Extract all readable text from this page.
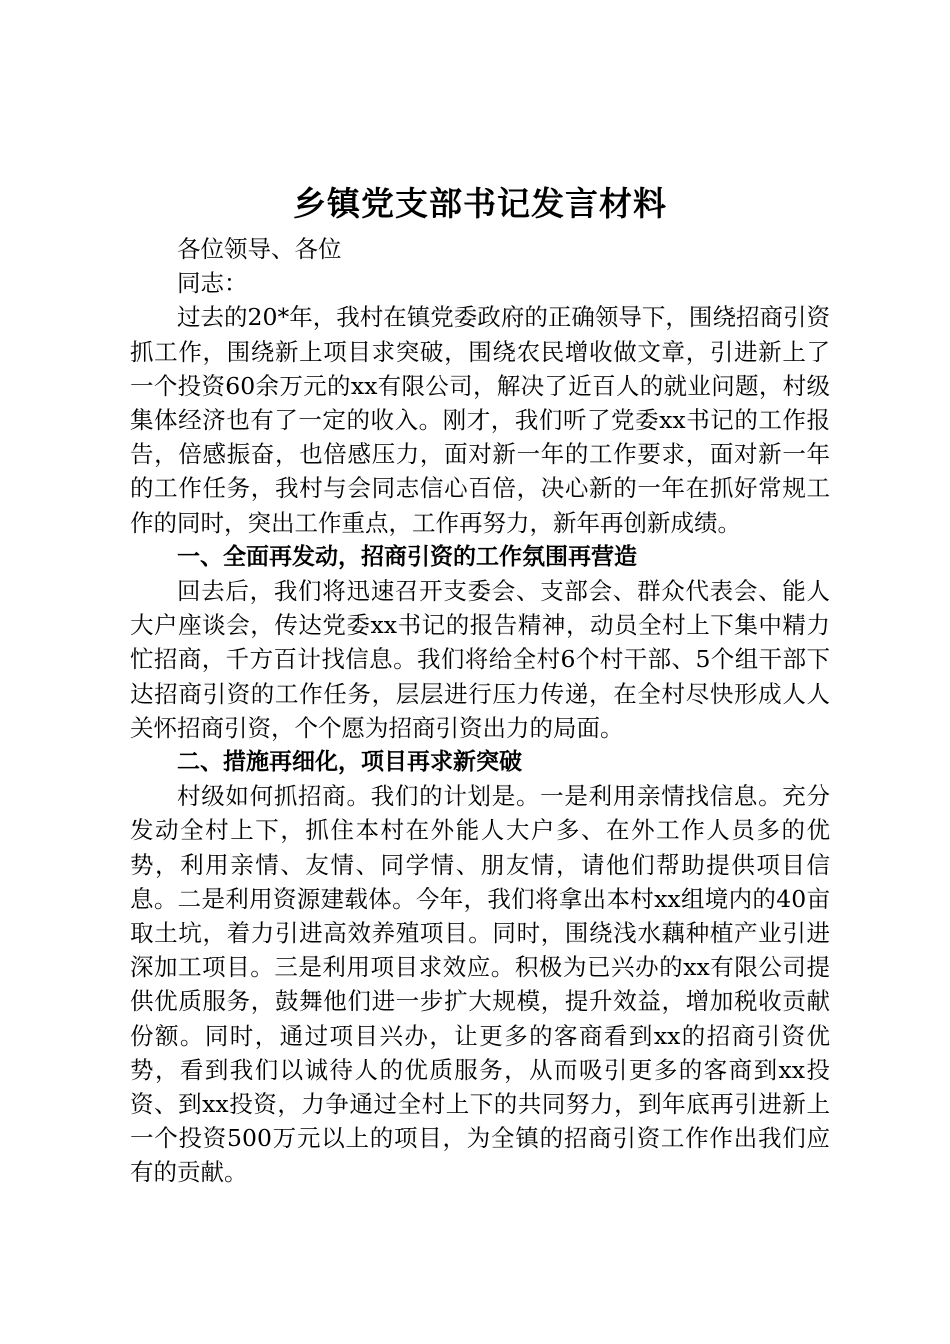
乡镇党支部书记发言材料

各位领导、各位

同志：

过去的20*年，我村在镇党委政府的正确领导下，围绕招商引资抓工作，围绕新上项目求突破，围绕农民增收做文章，引进新上了一个投资60余万元的xx有限公司，解决了近百人的就业问题，村级集体经济也有了一定的收入。刚才，我们听了党委xx书记的工作报告，倍感振奋，也倍感压力，面对新一年的工作要求，面对新一年的工作任务，我村与会同志信心百倍，决心新的一年在抓好常规工作的同时，突出工作重点，工作再努力，新年再创新成绩。

一、全面再发动，招商引资的工作氛围再营造

回去后，我们将迅速召开支委会、支部会、群众代表会、能人大户座谈会，传达党委xx书记的报告精神，动员全村上下集中精力忙招商，千方百计找信息。我们将给全村6个村干部、5个组干部下达招商引资的工作任务，层层进行压力传递，在全村尽快形成人人关怀招商引资，个个愿为招商引资出力的局面。

二、措施再细化，项目再求新突破

村级如何抓招商。我们的计划是。一是利用亲情找信息。充分发动全村上下，抓住本村在外能人大户多、在外工作人员多的优势，利用亲情、友情、同学情、朋友情，请他们帮助提供项目信息。二是利用资源建载体。今年，我们将拿出本村xx组境内的40亩取土坑，着力引进高效养殖项目。同时，围绕浅水藕种植产业引进深加工项目。三是利用项目求效应。积极为已兴办的xx有限公司提供优质服务，鼓舞他们进一步扩大规模，提升效益，增加税收贡献份额。同时，通过项目兴办，让更多的客商看到xx的招商引资优势，看到我们以诚待人的优质服务，从而吸引更多的客商到xx投资、到xx投资，力争通过全村上下的共同努力，到年底再引进新上一个投资500万元以上的项目，为全镇的招商引资工作作出我们应有的贡献。
